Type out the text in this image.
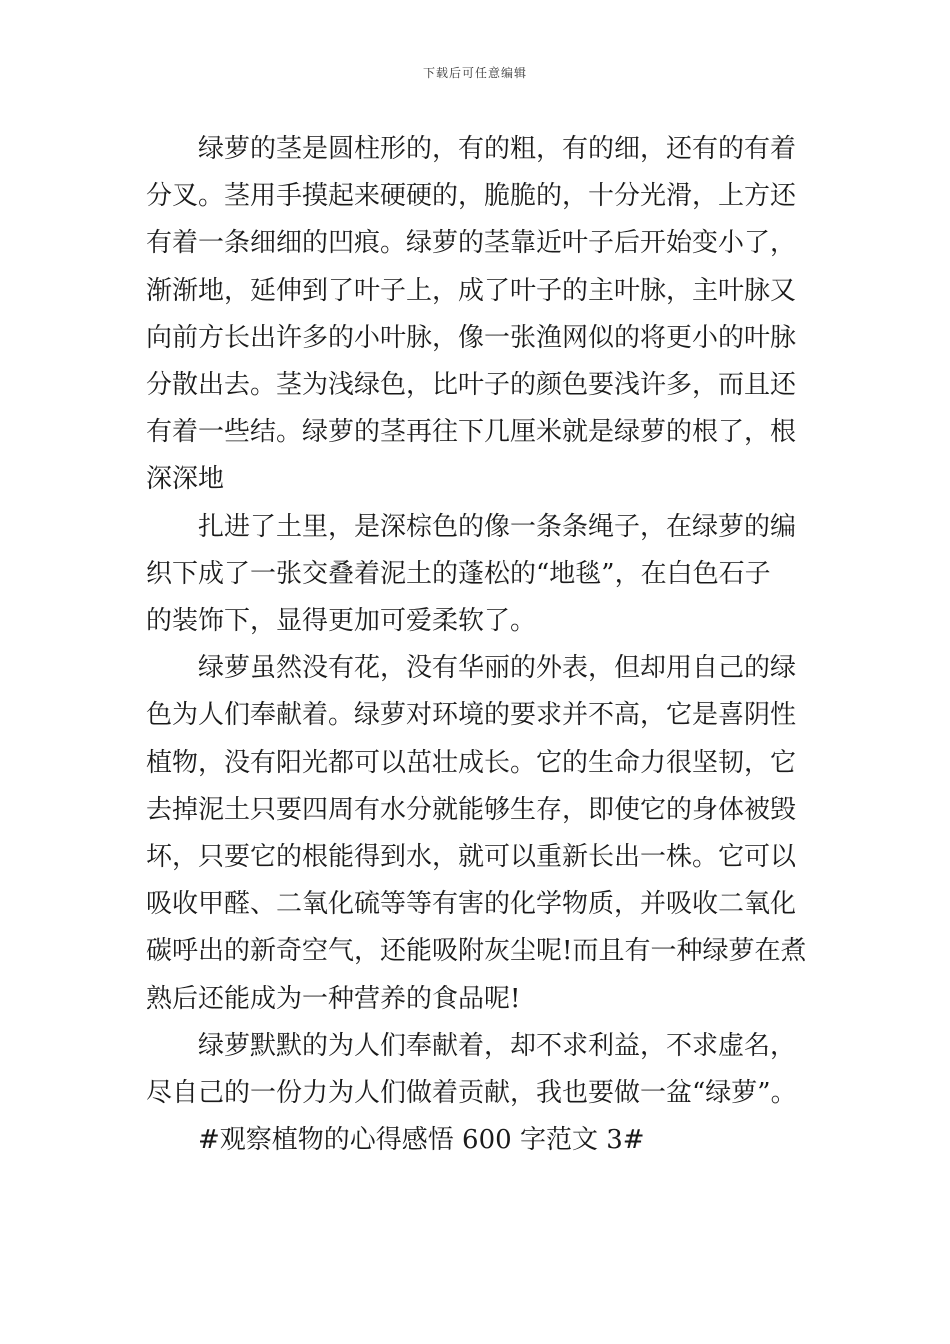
下载后可任意编辑
绿萝的茎是圆柱形的，有的粗，有的细，还有的有着
分叉。茎用手摸起来硬硬的，脆脆的，十分光滑，上方还
有着一条细细的凹痕。绿萝的茎靠近叶子后开始变小了，
渐渐地，延伸到了叶子上，成了叶子的主叶脉，主叶脉又
向前方长出许多的小叶脉，像一张渔网似的将更小的叶脉
分散出去。茎为浅绿色，比叶子的颜色要浅许多，而且还
有着一些结。绿萝的茎再往下几厘米就是绿萝的根了，根
深深地
扎进了土里，是深棕色的像一条条绳子，在绿萝的编
织下成了一张交叠着泥土的蓬松的“地毯”，在白色石子
的装饰下，显得更加可爱柔软了。
绿萝虽然没有花，没有华丽的外表，但却用自己的绿
色为人们奉献着。绿萝对环境的要求并不高，它是喜阴性
植物，没有阳光都可以茁壮成长。它的生命力很坚韧，它
去掉泥土只要四周有水分就能够生存，即使它的身体被毁
坏，只要它的根能得到水，就可以重新长出一株。它可以
吸收甲醛、二氧化硫等等有害的化学物质，并吸收二氧化
碳呼出的新奇空气，还能吸附灰尘呢!而且有一种绿萝在煮
熟后还能成为一种营养的食品呢!
绿萝默默的为人们奉献着，却不求利益，不求虚名，
尽自己的一份力为人们做着贡献，我也要做一盆“绿萝”。
#观察植物的心得感悟 600 字范文 3#
